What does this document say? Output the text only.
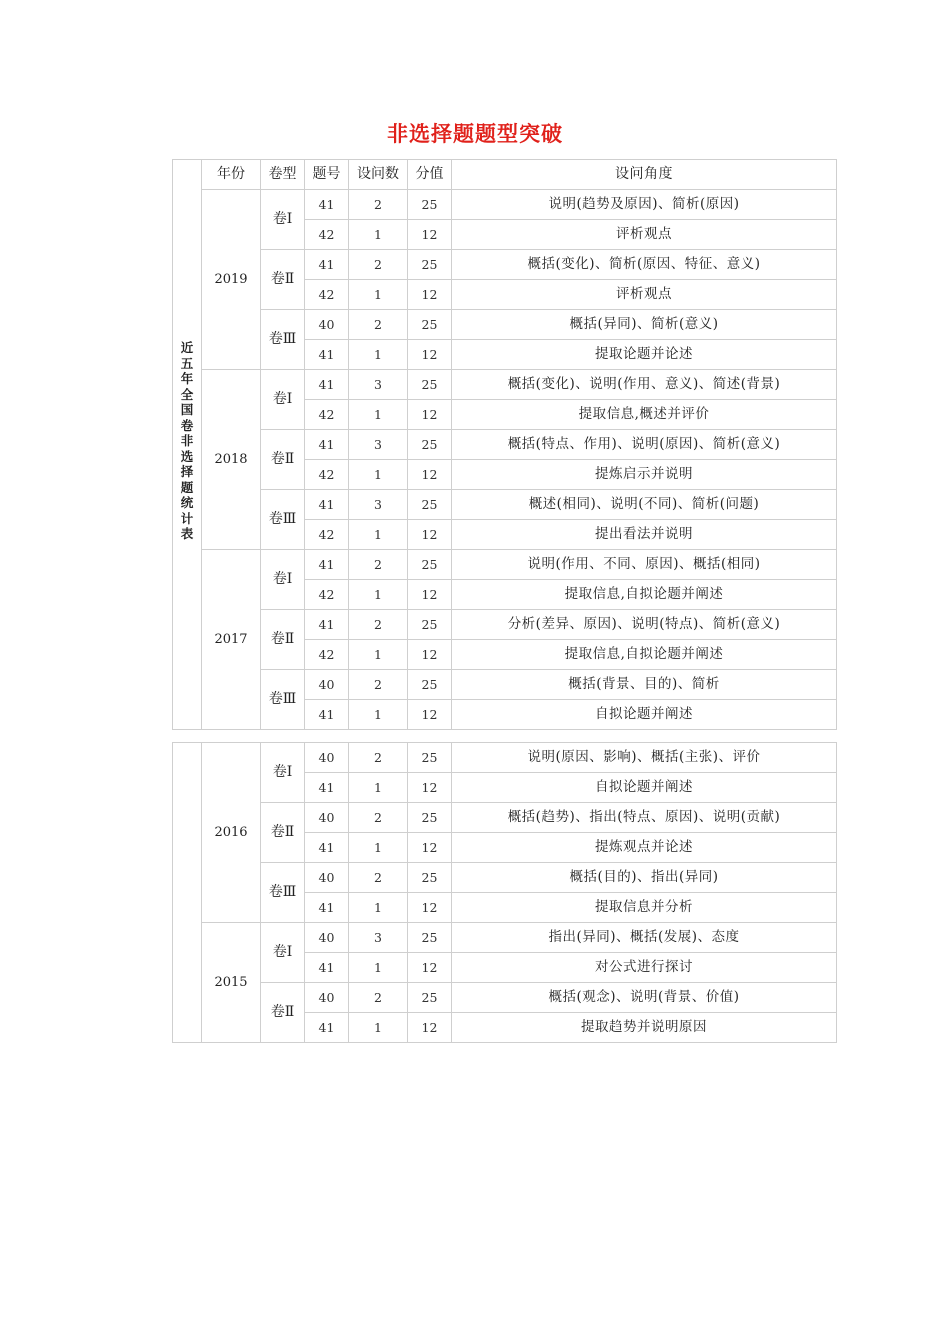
非选择题题型突破
近五年全国卷非选择题统计表	年份	卷型	题号	设问数	分值	设问角度
	2019	卷Ⅰ	41	2	25	说明(趋势及原因)、简析(原因)
			42	1	12	评析观点
		卷Ⅱ	41	2	25	概括(变化)、简析(原因、特征、意义)
			42	1	12	评析观点
		卷Ⅲ	40	2	25	概括(异同)、简析(意义)
			41	1	12	提取论题并论述
	2018	卷Ⅰ	41	3	25	概括(变化)、说明(作用、意义)、简述(背景)
			42	1	12	提取信息,概述并评价
		卷Ⅱ	41	3	25	概括(特点、作用)、说明(原因)、简析(意义)
			42	1	12	提炼启示并说明
		卷Ⅲ	41	3	25	概述(相同)、说明(不同)、简析(问题)
			42	1	12	提出看法并说明
	2017	卷Ⅰ	41	2	25	说明(作用、不同、原因)、概括(相同)
			42	1	12	提取信息,自拟论题并阐述
		卷Ⅱ	41	2	25	分析(差异、原因)、说明(特点)、简析(意义)
			42	1	12	提取信息,自拟论题并阐述
		卷Ⅲ	40	2	25	概括(背景、目的)、简析
			41	1	12	自拟论题并阐述
	2016	卷Ⅰ	40	2	25	说明(原因、影响)、概括(主张)、评价
			41	1	12	自拟论题并阐述
		卷Ⅱ	40	2	25	概括(趋势)、指出(特点、原因)、说明(贡献)
			41	1	12	提炼观点并论述
		卷Ⅲ	40	2	25	概括(目的)、指出(异同)
			41	1	12	提取信息并分析
	2015	卷Ⅰ	40	3	25	指出(异同)、概括(发展)、态度
			41	1	12	对公式进行探讨
		卷Ⅱ	40	2	25	概括(观念)、说明(背景、价值)
			41	1	12	提取趋势并说明原因
